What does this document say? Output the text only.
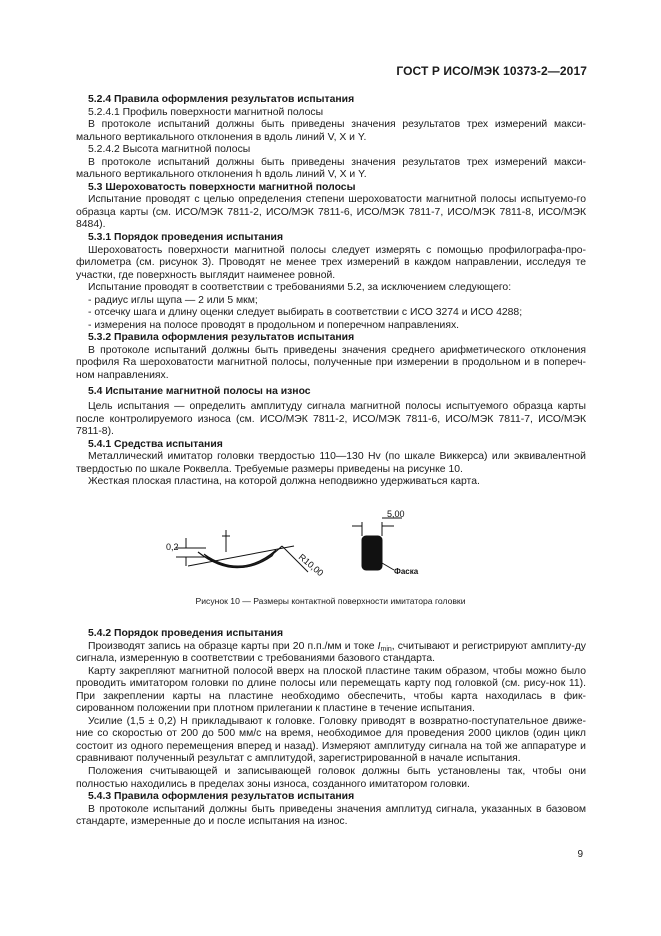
ГОСТ Р ИСО/МЭК 10373-2—2017

5.2.4 Правила оформления результатов испытания

5.2.4.1 Профиль поверхности магнитной полосы

В протоколе испытаний должны быть приведены значения результатов трех измерений макси-мального вертикального отклонения в вдоль линий V, X и Y.

5.2.4.2 Высота магнитной полосы

В протоколе испытаний должны быть приведены значения результатов трех измерений макси-мального вертикального отклонения h вдоль линий V, X и Y.

5.3 Шероховатость поверхности магнитной полосы

Испытание проводят с целью определения степени шероховатости магнитной полосы испытуемо-го образца карты (см. ИСО/МЭК 7811-2, ИСО/МЭК 7811-6, ИСО/МЭК 7811-7, ИСО/МЭК 7811-8, ИСО/МЭК 8484).

5.3.1 Порядок проведения испытания

Шероховатость поверхности магнитной полосы следует измерять с помощью профилографа-про-филометра (см. рисунок 3). Проводят не менее трех измерений в каждом направлении, исследуя те участки, где поверхность выглядит наименее ровной.

Испытание проводят в соответствии с требованиями 5.2, за исключением следующего:

- радиус иглы щупа — 2 или 5 мкм;

- отсечку шага и длину оценки следует выбирать в соответствии с ИСО 3274 и ИСО 4288;

- измерения на полосе проводят в продольном и поперечном направлениях.

5.3.2 Правила оформления результатов испытания

В протоколе испытаний должны быть приведены значения среднего арифметического отклонения профиля Ra шероховатости магнитной полосы, полученные при измерении в продольном и в попереч-ном направлениях.

5.4 Испытание магнитной полосы на износ

Цель испытания — определить амплитуду сигнала магнитной полосы испытуемого образца карты после контролируемого износа (см. ИСО/МЭК 7811-2, ИСО/МЭК 7811-6, ИСО/МЭК 7811-7, ИСО/МЭК 7811-8).

5.4.1 Средства испытания

Металлический имитатор головки твердостью 110—130 Hv (по шкале Виккерса) или эквивалентной твердостью по шкале Роквелла. Требуемые размеры приведены на рисунке 10.

Жесткая плоская пластина, на которой должна неподвижно удерживаться карта.

0,2
R10,00
5,00
Фаска
Рисунок 10 — Размеры контактной поверхности имитатора головки

5.4.2 Порядок проведения испытания

Производят запись на образце карты при 20 п.п./мм и токе $I_{min}$, считывают и регистрируют амплиту-ду сигнала, измеренную в соответствии с требованиями базового стандарта.

Карту закрепляют магнитной полосой вверх на плоской пластине таким образом, чтобы можно было проводить имитатором головки по длине полосы или перемещать карту под головкой (см. рису-нок 11). При закреплении карты на пластине необходимо обеспечить, чтобы карта находилась в фик-сированном положении при плотном прилегании к пластине в течение испытания.

Усилие (1,5 ± 0,2) Н прикладывают к головке. Головку приводят в возвратно-поступательное движе-ние со скоростью от 200 до 500 мм/с на время, необходимое для проведения 2000 циклов (один цикл состоит из одного перемещения вперед и назад). Измеряют амплитуду сигнала на той же аппаратуре и сравнивают полученный результат с амплитудой, зарегистрированной в начале испытания.

Положения считывающей и записывающей головок должны быть установлены так, чтобы они полностью находились в пределах зоны износа, созданного имитатором головки.

5.4.3 Правила оформления результатов испытания

В протоколе испытаний должны быть приведены значения амплитуд сигнала, указанных в базовом стандарте, измеренные до и после испытания на износ.

9
